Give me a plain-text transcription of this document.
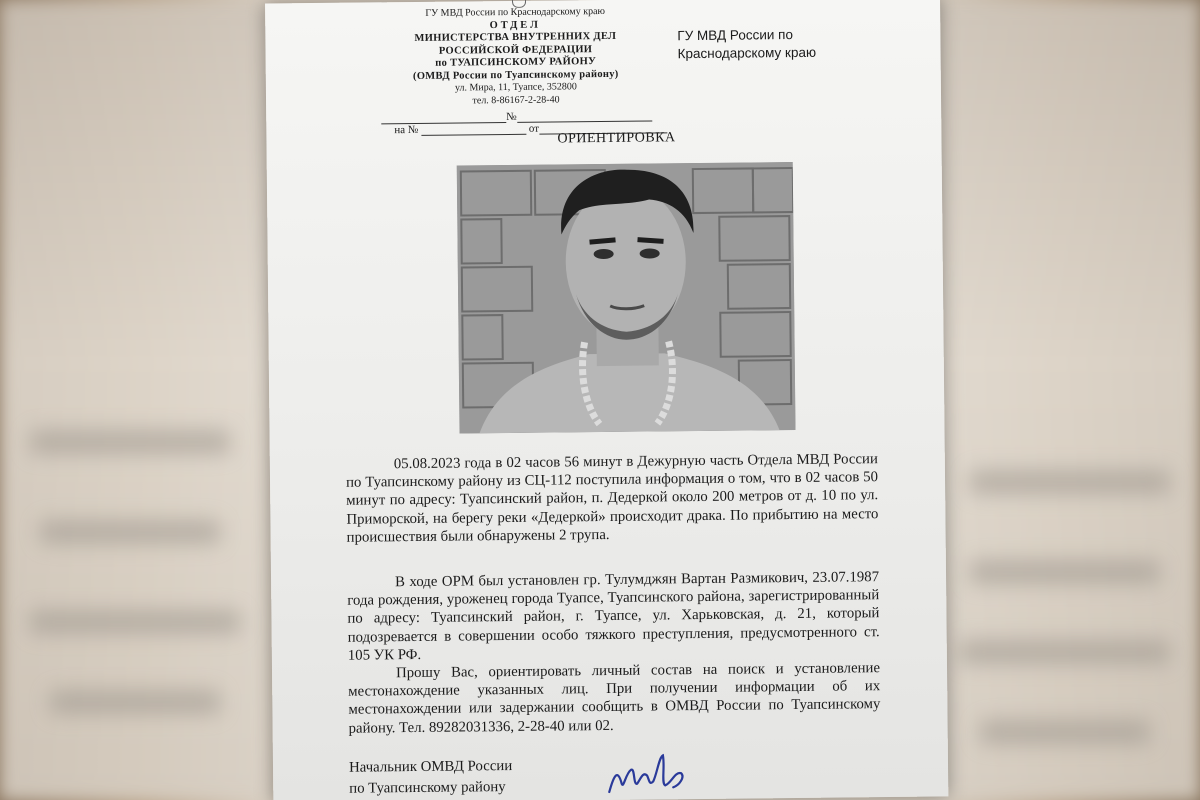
ГУ МВД России по Краснодарскому краю
ОТДЕЛ
МИНИСТЕРСТВА ВНУТРЕННИХ ДЕЛ
РОССИЙСКОЙ ФЕДЕРАЦИИ
по ТУАПСИНСКОМУ РАЙОНУ
(ОМВД России по Туапсинскому району)
ул. Мира, 11, Туапсе, 352800
тел. 8-86167-2-28-40
ГУ МВД России по
Краснодарскому краю
№
на №	от
ОРИЕНТИРОВКА

05.08.2023 года в 02 часов 56 минут в Дежурную часть Отдела МВД России по Туапсинскому району из СЦ-112 поступила информация о том, что в 02 часов 50 минут по адресу: Туапсинский район, п. Дедеркой около 200 метров от д. 10 по ул. Приморской, на берегу реки «Дедеркой» происходит драка. По прибытию на место происшествия были обнаружены 2 трупа.

В ходе ОРМ был установлен гр. Тулумджян Вартан Размикович, 23.07.1987 года рождения, уроженец города Туапсе, Туапсинского района, зарегистрированный по адресу: Туапсинский район, г. Туапсе, ул. Харьковская, д. 21, который подозревается в совершении особо тяжкого преступления, предусмотренного ст. 105 УК РФ.

Прошу Вас, ориентировать личный состав на поиск и установление местонахождение указанных лиц. При получении информации об их местонахождении или задержании сообщить в ОМВД России по Туапсинскому району. Тел. 89282031336, 2-28-40 или 02.

Начальник ОМВД России
по Туапсинскому району
